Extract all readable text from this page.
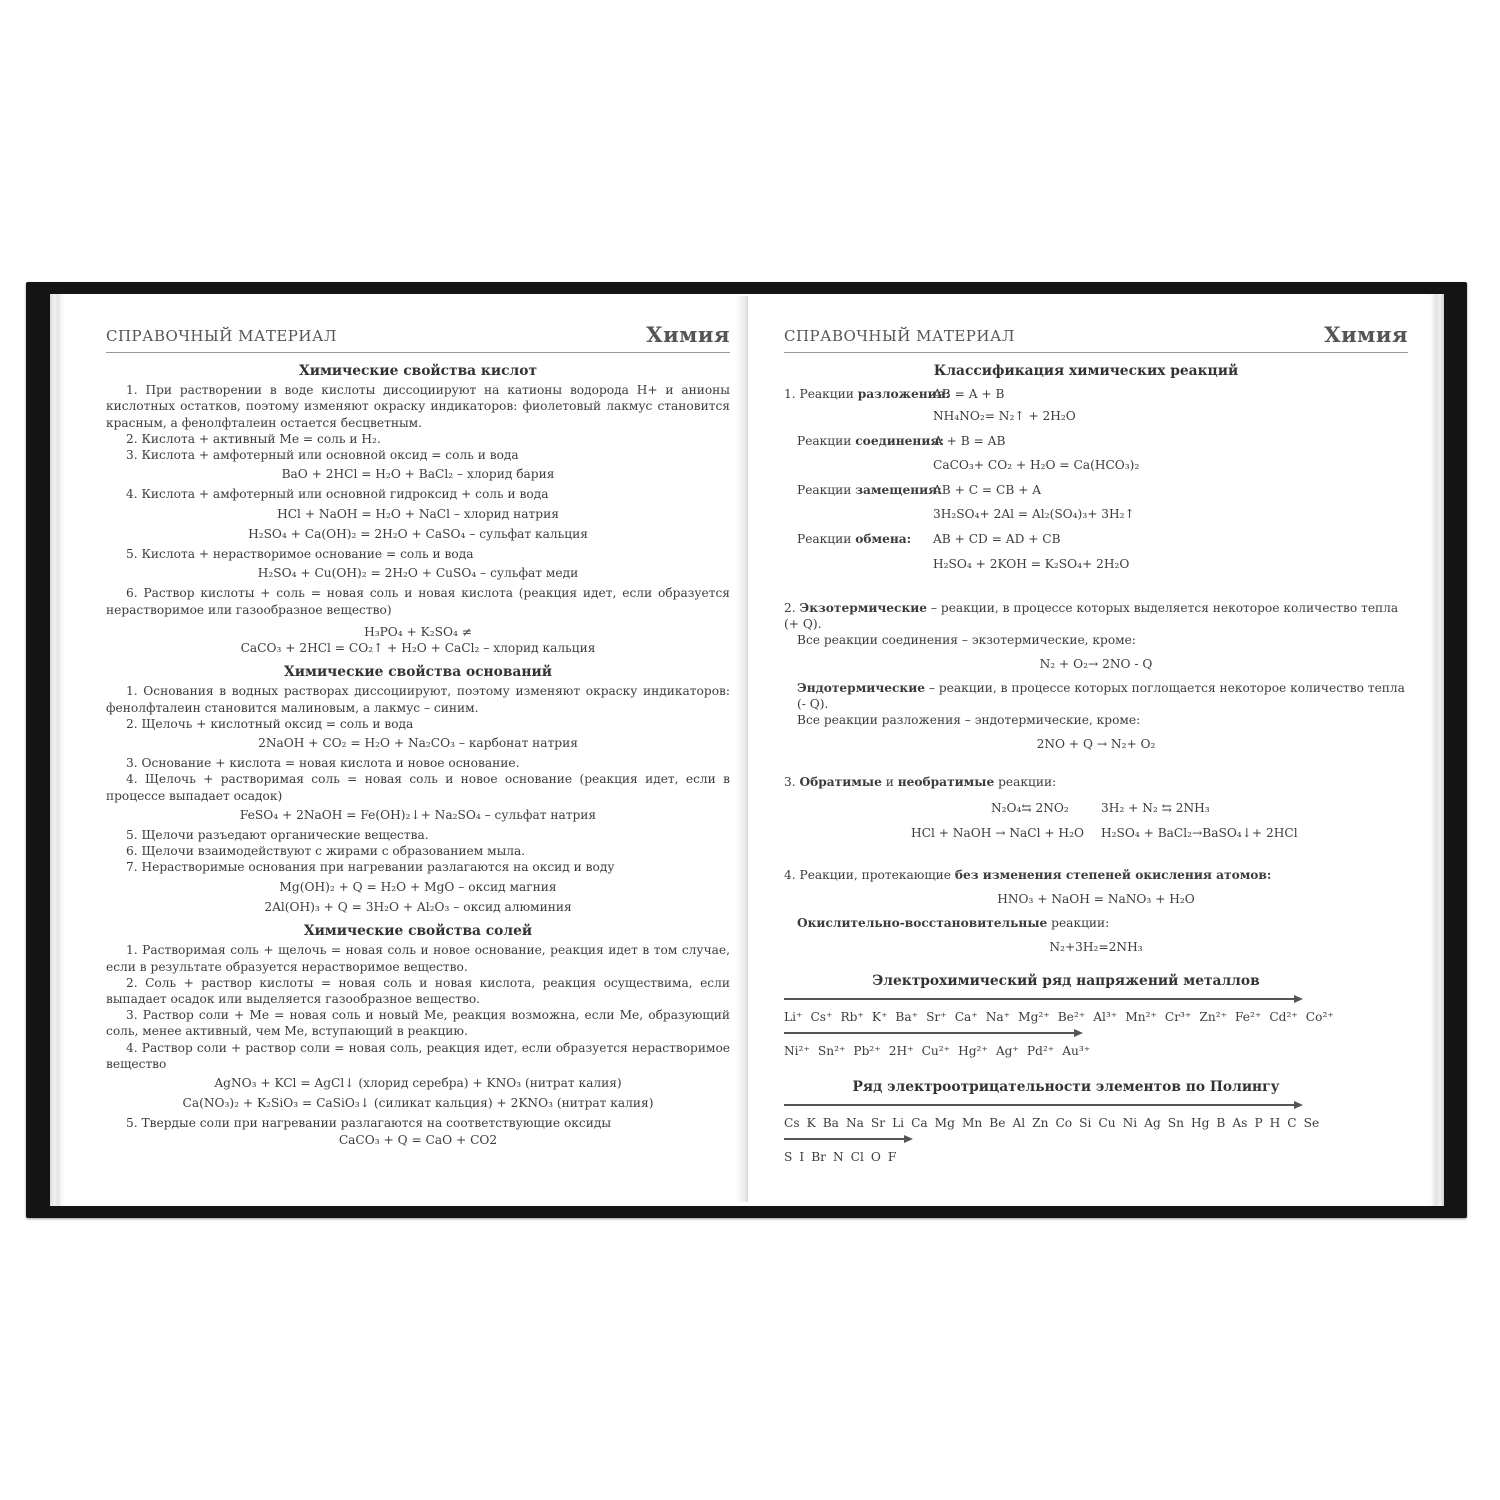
СПРАВОЧНЫЙ МАТЕРИАЛ	Химия
Химические свойства кислот

1. При растворении в воде кислоты диссоциируют на катионы водорода H+ и анионы кислотных остатков, поэтому изменяют окраску индикаторов: фиолетовый лакмус становится красным, а фенолфталеин остается бесцветным.

2. Кислота + активный Ме = соль и H₂.

3. Кислота + амфотерный или основной оксид = соль и вода

BaO + 2HCl = H₂O + BaCl₂ – хлорид бария

4. Кислота + амфотерный или основной гидроксид + соль и вода

HCl + NaOH = H₂O + NaCl – хлорид натрия
H₂SO₄ + Ca(OH)₂ = 2H₂O + CaSO₄ – сульфат кальция

5. Кислота + нерастворимое основание = соль и вода

H₂SO₄ + Cu(OH)₂ = 2H₂O + CuSO₄ – сульфат меди

6. Раствор кислоты + соль = новая соль и новая кислота (реакция идет, если образуется нерастворимое или газообразное вещество)

H₃PO₄ + K₂SO₄ ≠
CaCO₃ + 2HCl = CO₂↑ + H₂O + CaCl₂ – хлорид кальция
Химические свойства оснований

1. Основания в водных растворах диссоциируют, поэтому изменяют окраску индикаторов: фенолфталеин становится малиновым, а лакмус – синим.

2. Щелочь + кислотный оксид = соль и вода

2NaOH + CO₂ = H₂O + Na₂CO₃ – карбонат натрия

3. Основание + кислота = новая кислота и новое основание.

4. Щелочь + растворимая соль = новая соль и новое основание (реакция идет, если в процессе выпадает осадок)

FeSO₄ + 2NaOH = Fe(OH)₂↓+ Na₂SO₄ – сульфат натрия

5. Щелочи разъедают органические вещества.

6. Щелочи взаимодействуют с жирами с образованием мыла.

7. Нерастворимые основания при нагревании разлагаются на оксид и воду

Mg(OH)₂ + Q = H₂O + MgO – оксид магния
2Al(OH)₃ + Q = 3H₂O + Al₂O₃ – оксид алюминия
Химические свойства солей

1. Растворимая соль + щелочь = новая соль и новое основание, реакция идет в том случае, если в результате образуется нерастворимое вещество.

2. Соль + раствор кислоты = новая соль и новая кислота, реакция осуществима, если выпадает осадок или выделяется газообразное вещество.

3. Раствор соли + Ме = новая соль и новый Ме, реакция возможна, если Ме, образующий соль, менее активный, чем Ме, вступающий в реакцию.

4. Раствор соли + раствор соли = новая соль, реакция идет, если образуется нерастворимое вещество

AgNO₃ + KCl = AgCl↓ (хлорид серебра) + KNO₃ (нитрат калия)
Ca(NO₃)₂ + K₂SiO₃ = CaSiO₃↓ (силикат кальция) + 2KNO₃ (нитрат калия)

5. Твердые соли при нагревании разлагаются на соответствующие оксиды

CaCO₃ + Q = CaO + CO2
СПРАВОЧНЫЙ МАТЕРИАЛ	Химия
Классификация химических реакций
1. Реакции разложения:
AB = A + B
NH₄NO₂= N₂↑ + 2H₂O
Реакции соединения:
A + B = AB
CaCO₃+ CO₂ + H₂O = Ca(HCO₃)₂
Реакции замещения:
AB + C = CB + A
3H₂SO₄+ 2Al = Al₂(SO₄)₃+ 3H₂↑
Реакции обмена: AB + CD = AD + CB
H₂SO₄ + 2KOH = K₂SO₄+ 2H₂O
2. Экзотермические – реакции, в процессе которых выделяется некоторое количество тепла (+ Q).
Все реакции соединения – экзотермические, кроме:
N₂ + O₂→ 2NO - Q
Эндотермические – реакции, в процессе которых поглощается некоторое количество тепла (- Q).
Все реакции разложения – эндотермические, кроме:
2NO + Q → N₂+ O₂
3. Обратимые и необратимые реакции:
N₂O₄⇆ 2NO₂	3H₂ + N₂ ⇆ 2NH₃
HCl + NaOH → NaCl + H₂O H₂SO₄ + BaCl₂→BaSO₄↓+ 2HCl
4. Реакции, протекающие без изменения степеней окисления атомов:
HNO₃ + NaOH = NaNO₃ + H₂O
Окислительно-восстановительные реакции:
N₂+3H₂=2NH₃
Электрохимический ряд напряжений металлов
Li⁺ Cs⁺ Rb⁺ K⁺ Ba⁺ Sr⁺ Ca⁺ Na⁺ Mg²⁺ Be²⁺ Al³⁺ Mn²⁺ Cr³⁺ Zn²⁺ Fe²⁺ Cd²⁺ Co²⁺
Ni²⁺ Sn²⁺ Pb²⁺ 2H⁺ Cu²⁺ Hg²⁺ Ag⁺ Pd²⁺ Au³⁺
Ряд электроотрицательности элементов по Полингу
Cs K Ba Na Sr Li Ca Mg Mn Be Al Zn Co Si Cu Ni Ag Sn Hg B As P H C Se
S I Br N Cl O F
